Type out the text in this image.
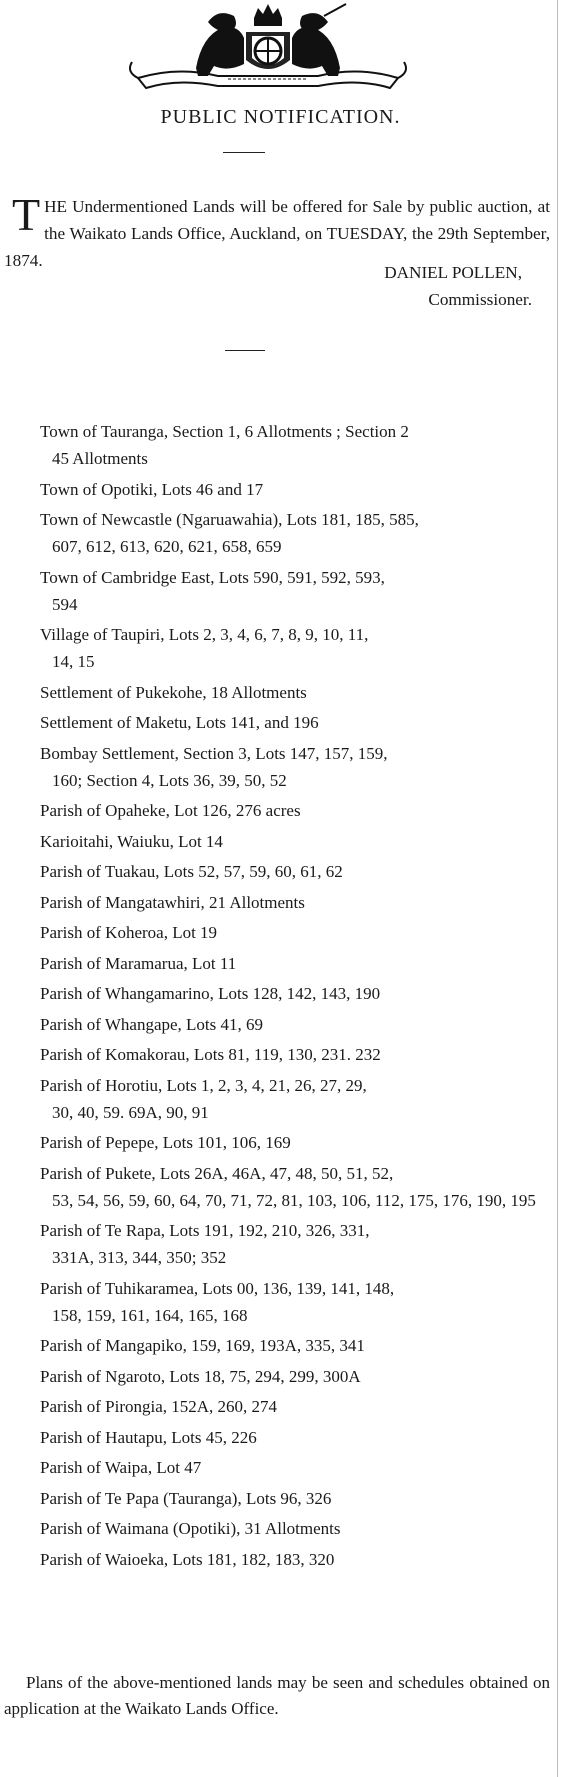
PUBLIC NOTIFICATION.
THE Undermentioned Lands will be offered for Sale by public auction, at the Waikato Lands Office, Auckland, on TUESDAY, the 29th September, 1874.
DANIEL POLLEN,
Commissioner.
Town of Tauranga, Section 1, 6 Allotments ; Section 2
45 Allotments
Town of Opotiki, Lots 46 and 17
Town of Newcastle (Ngaruawahia), Lots 181, 185, 585,
607, 612, 613, 620, 621, 658, 659
Town of Cambridge East, Lots 590, 591, 592, 593,
594
Village of Taupiri, Lots 2, 3, 4, 6, 7, 8, 9, 10, 11,
14, 15
Settlement of Pukekohe, 18 Allotments
Settlement of Maketu, Lots 141, and 196
Bombay Settlement, Section 3, Lots 147, 157, 159,
160; Section 4, Lots 36, 39, 50, 52
Parish of Opaheke, Lot 126, 276 acres
Karioitahi, Waiuku, Lot 14
Parish of Tuakau, Lots 52, 57, 59, 60, 61, 62
Parish of Mangatawhiri, 21 Allotments
Parish of Koheroa, Lot 19
Parish of Maramarua, Lot 11
Parish of Whangamarino, Lots 128, 142, 143, 190
Parish of Whangape, Lots 41, 69
Parish of Komakorau, Lots 81, 119, 130, 231. 232
Parish of Horotiu, Lots 1, 2, 3, 4, 21, 26, 27, 29,
30, 40, 59. 69A, 90, 91
Parish of Pepepe, Lots 101, 106, 169
Parish of Pukete, Lots 26A, 46A, 47, 48, 50, 51, 52,
53, 54, 56, 59, 60, 64, 70, 71, 72, 81, 103, 106, 112, 175, 176, 190, 195
Parish of Te Rapa, Lots 191, 192, 210, 326, 331,
331A, 313, 344, 350; 352
Parish of Tuhikaramea, Lots 00, 136, 139, 141, 148,
158, 159, 161, 164, 165, 168
Parish of Mangapiko, 159, 169, 193A, 335, 341
Parish of Ngaroto, Lots 18, 75, 294, 299, 300A
Parish of Pirongia, 152A, 260, 274
Parish of Hautapu, Lots 45, 226
Parish of Waipa, Lot 47
Parish of Te Papa (Tauranga), Lots 96, 326
Parish of Waimana (Opotiki), 31 Allotments
Parish of Waioeka, Lots 181, 182, 183, 320
Plans of the above-mentioned lands may be seen and schedules obtained on application at the Waikato Lands Office.
